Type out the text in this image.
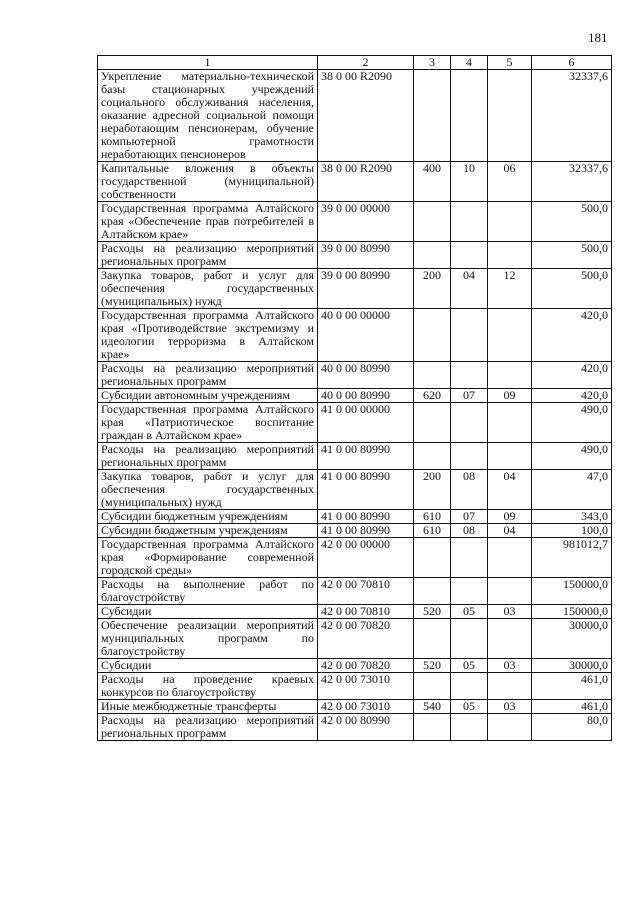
181
1	2	3	4	5	6
Укрепление материально-технической базы стационарных учреждений социального обслуживания населения, оказание адресной социальной помощи неработающим пенсионерам, обучение компьютерной грамотности неработающих пенсионеров	38 0 00 R2090				32337,6
Капитальные вложения в объекты государственной (муниципальной) собственности	38 0 00 R2090	400	10	06	32337,6
Государственная программа Алтайского края «Обеспечение прав потребителей в Алтайском крае»	39 0 00 00000				500,0
Расходы на реализацию мероприятий региональных программ	39 0 00 80990				500,0
Закупка товаров, работ и услуг для обеспечения государственных (муниципальных) нужд	39 0 00 80990	200	04	12	500,0
Государственная программа Алтайского края «Противодействие экстремизму и идеологии терроризма в Алтайском крае»	40 0 00 00000				420,0
Расходы на реализацию мероприятий региональных программ	40 0 00 80990				420,0
Субсидии автономным учреждениям	40 0 00 80990	620	07	09	420,0
Государственная программа Алтайского края «Патриотическое воспитание граждан в Алтайском крае»	41 0 00 00000				490,0
Расходы на реализацию мероприятий региональных программ	41 0 00 80990				490,0
Закупка товаров, работ и услуг для обеспечения государственных (муниципальных) нужд	41 0 00 80990	200	08	04	47,0
Субсидии бюджетным учреждениям	41 0 00 80990	610	07	09	343,0
Субсидии бюджетным учреждениям	41 0 00 80990	610	08	04	100,0
Государственная программа Алтайского края «Формирование современной городской среды»	42 0 00 00000				981012,7
Расходы на выполнение работ по благоустройству	42 0 00 70810				150000,0
Субсидии	42 0 00 70810	520	05	03	150000,0
Обеспечение реализации мероприятий муниципальных программ по благоустройству	42 0 00 70820				30000,0
Субсидии	42 0 00 70820	520	05	03	30000,0
Расходы на проведение краевых конкурсов по благоустройству	42 0 00 73010				461,0
Иные межбюджетные трансферты	42 0 00 73010	540	05	03	461,0
Расходы на реализацию мероприятий региональных программ	42 0 00 80990				80,0
